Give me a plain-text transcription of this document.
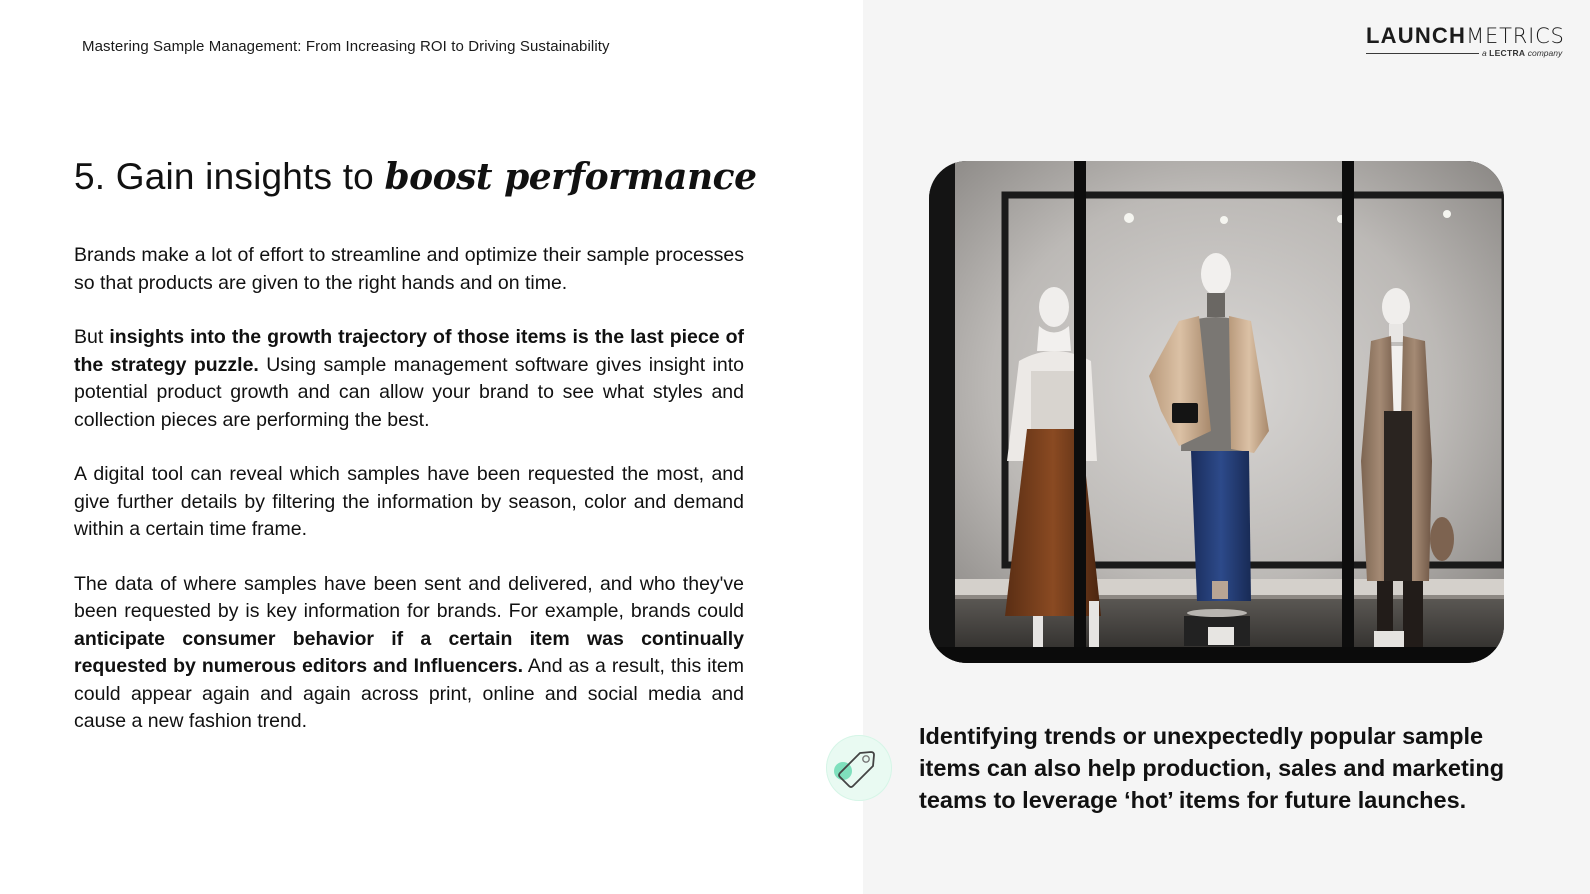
Mastering Sample Management: From Increasing ROI to Driving Sustainability	LAUNCHMETRICS
a LECTRA company
5. Gain insights to boost performance

Brands make a lot of effort to streamline and optimize their sample processes so that products are given to the right hands and on time.

But insights into the growth trajectory of those items is the last piece of the strategy puzzle. Using sample management software gives insight into potential product growth and can allow your brand to see what styles and collection pieces are performing the best.

A digital tool can reveal which samples have been requested the most, and give further details by filtering the information by season, color and demand within a certain time frame.

The data of where samples have been sent and delivered, and who they've been requested by is key information for brands. For example, brands could anticipate consumer behavior if a certain item was continually requested by numerous editors and Influencers. And as a result, this item could appear again and again across print, online and social media and cause a new fashion trend.

Identifying trends or unexpectedly popular sample items can also help production, sales and marketing teams to leverage ‘hot’ items for future launches.
